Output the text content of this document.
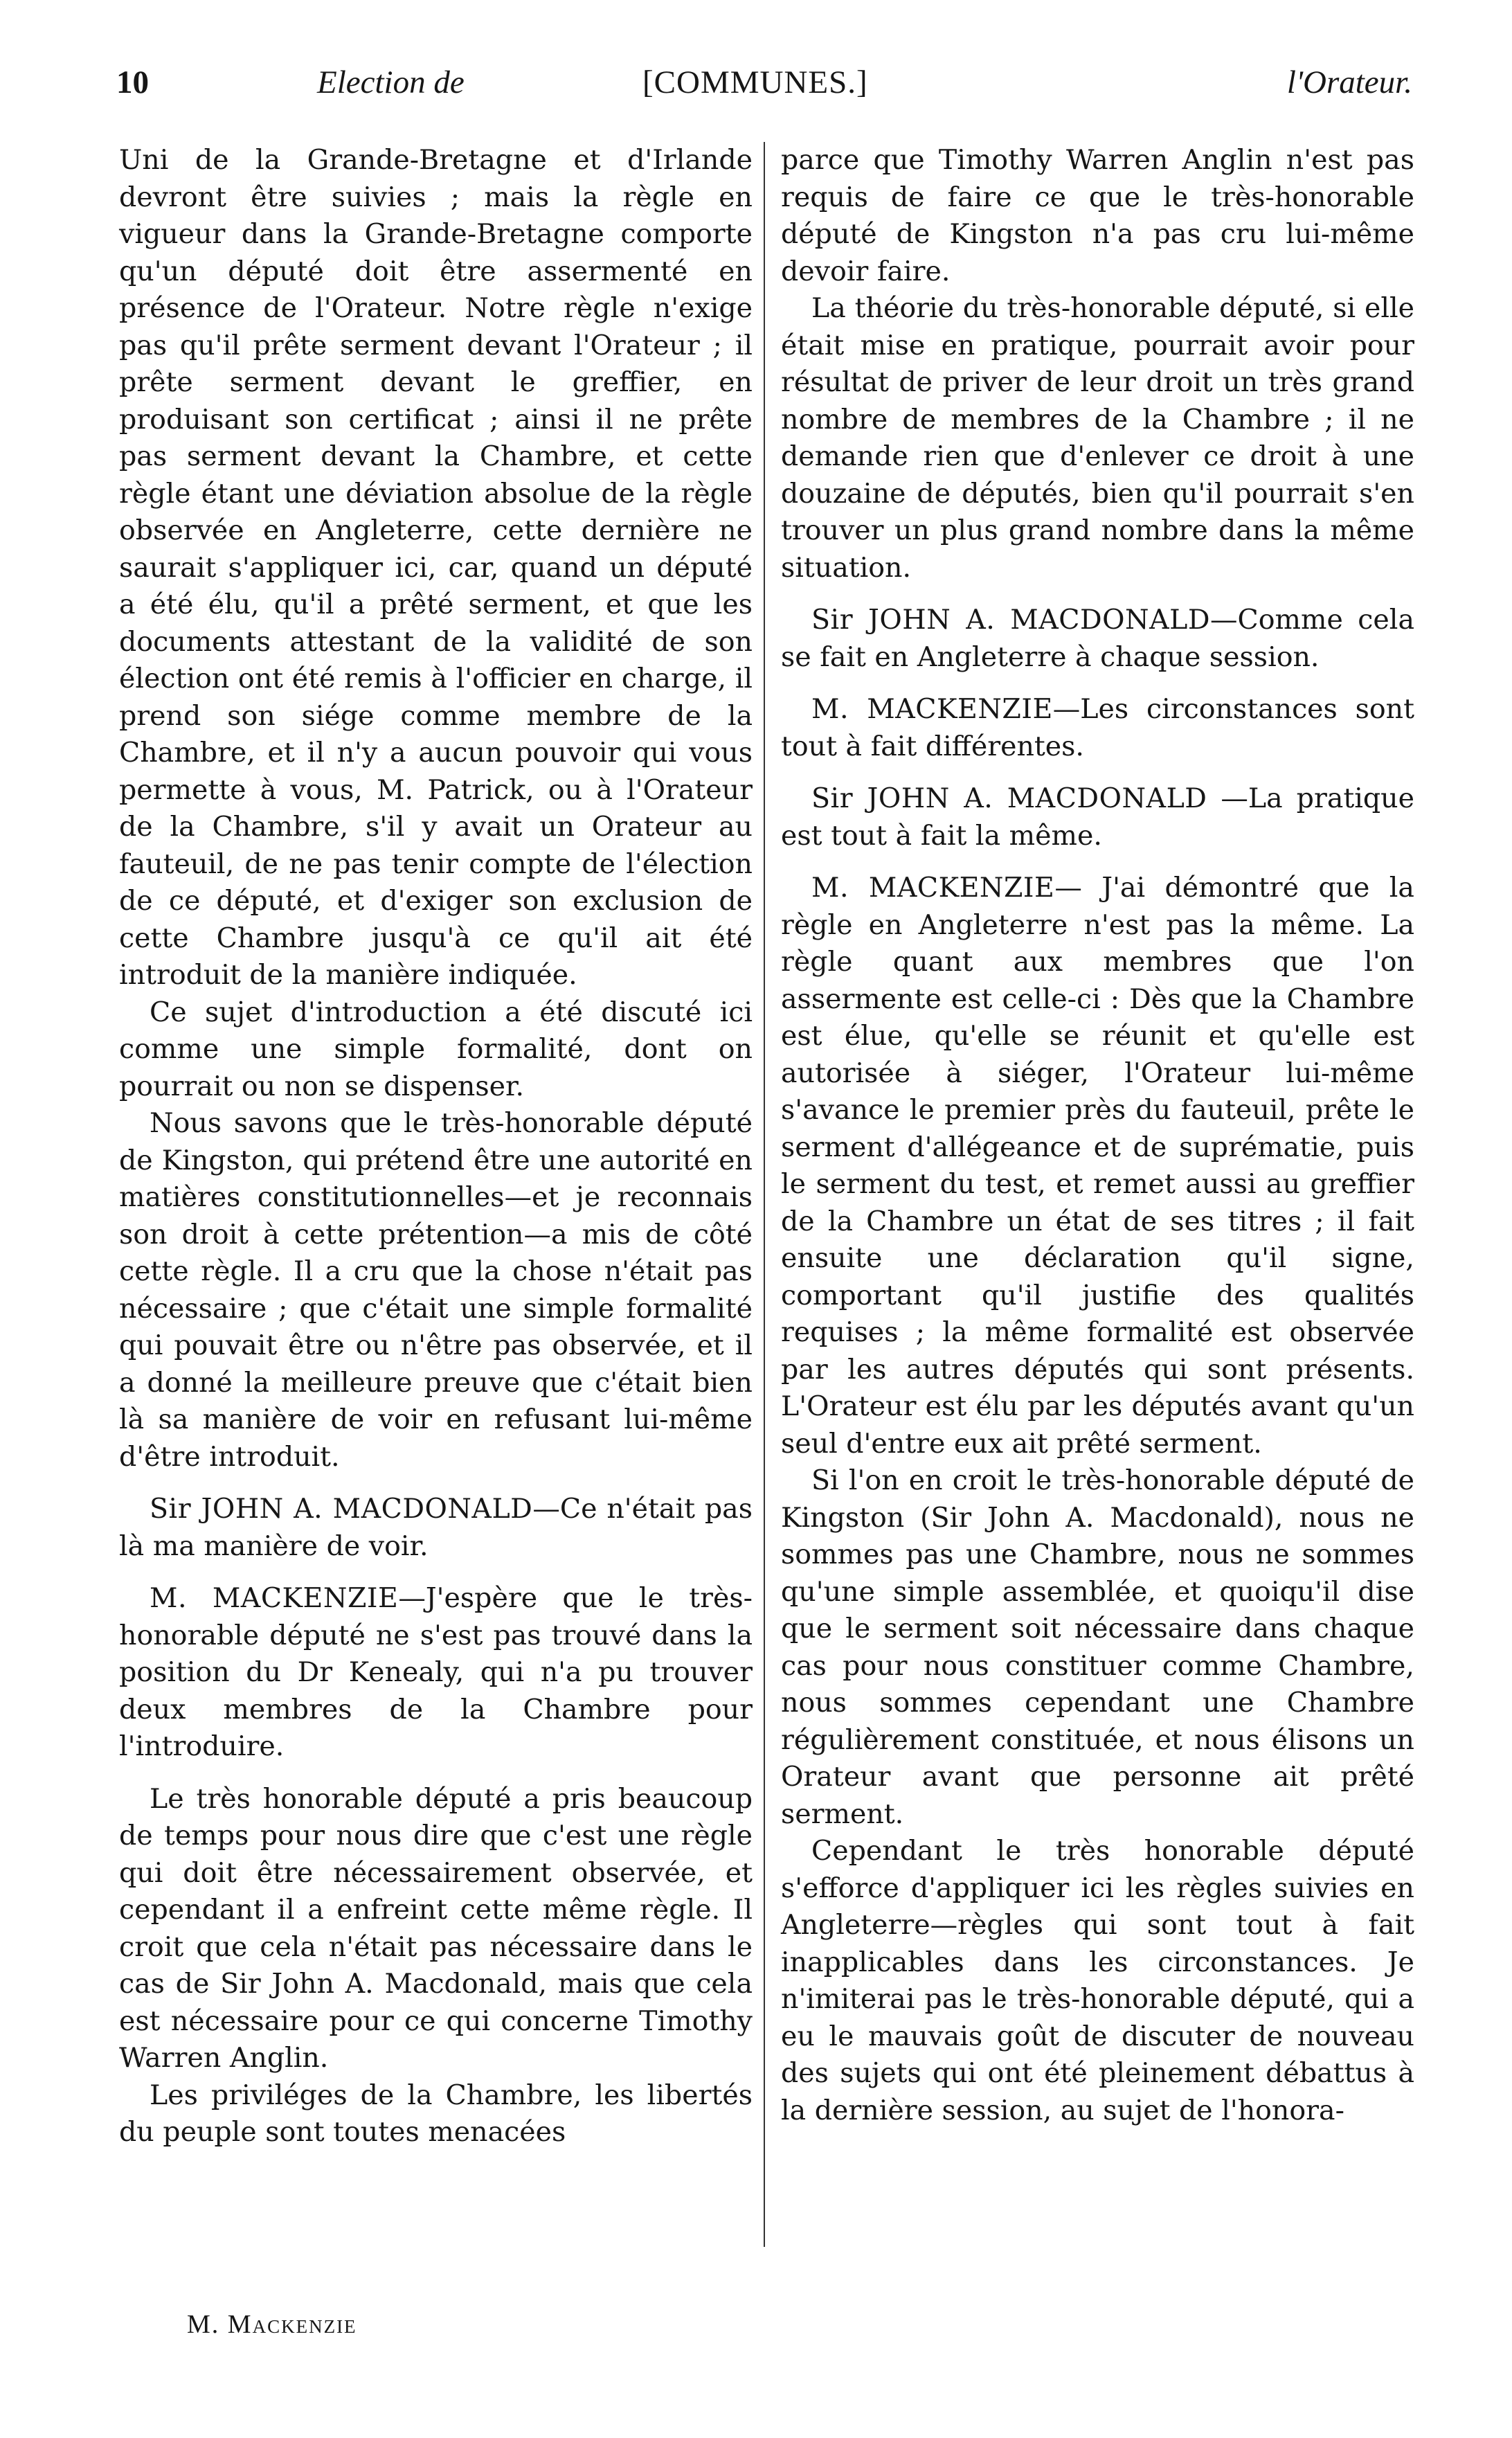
10	Election de	[COMMUNES.]	l'Orateur.

Uni de la Grande-Bretagne et d'Irlande devront être suivies ; mais la règle en vigueur dans la Grande-Bretagne comporte qu'un député doit être assermenté en présence de l'Orateur. Notre règle n'exige pas qu'il prête serment devant l'Orateur ; il prête serment devant le greffier, en produisant son certificat ; ainsi il ne prête pas serment devant la Chambre, et cette règle étant une déviation absolue de la règle observée en Angleterre, cette dernière ne saurait s'appliquer ici, car, quand un député a été élu, qu'il a prêté serment, et que les documents attestant de la validité de son élection ont été remis à l'officier en charge, il prend son siége comme membre de la Chambre, et il n'y a aucun pouvoir qui vous permette à vous, M. Patrick, ou à l'Orateur de la Chambre, s'il y avait un Orateur au fauteuil, de ne pas tenir compte de l'élection de ce député, et d'exiger son exclusion de cette Chambre jusqu'à ce qu'il ait été introduit de la manière indiquée.

Ce sujet d'introduction a été discuté ici comme une simple formalité, dont on pourrait ou non se dispenser.

Nous savons que le très-honorable député de Kingston, qui prétend être une autorité en matières constitutionnelles—et je reconnais son droit à cette prétention—a mis de côté cette règle. Il a cru que la chose n'était pas nécessaire ; que c'était une simple formalité qui pouvait être ou n'être pas observée, et il a donné la meilleure preuve que c'était bien là sa manière de voir en refusant lui-même d'être introduit.

Sir JOHN A. MACDONALD—Ce n'était pas là ma manière de voir.

M. MACKENZIE—J'espère que le très-honorable député ne s'est pas trouvé dans la position du Dr Kenealy, qui n'a pu trouver deux membres de la Chambre pour l'introduire.

Le très honorable député a pris beaucoup de temps pour nous dire que c'est une règle qui doit être nécessairement observée, et cependant il a enfreint cette même règle. Il croit que cela n'était pas nécessaire dans le cas de Sir John A. Macdonald, mais que cela est nécessaire pour ce qui concerne Timothy Warren Anglin.

Les priviléges de la Chambre, les libertés du peuple sont toutes menacées

parce que Timothy Warren Anglin n'est pas requis de faire ce que le très-honorable député de Kingston n'a pas cru lui-même devoir faire.

La théorie du très-honorable député, si elle était mise en pratique, pourrait avoir pour résultat de priver de leur droit un très grand nombre de membres de la Chambre ; il ne demande rien que d'enlever ce droit à une douzaine de députés, bien qu'il pourrait s'en trouver un plus grand nombre dans la même situation.

Sir JOHN A. MACDONALD—Comme cela se fait en Angleterre à chaque session.

M. MACKENZIE—Les circonstances sont tout à fait différentes.

Sir JOHN A. MACDONALD —La pratique est tout à fait la même.

M. MACKENZIE— J'ai démontré que la règle en Angleterre n'est pas la même. La règle quant aux membres que l'on assermente est celle-ci : Dès que la Chambre est élue, qu'elle se réunit et qu'elle est autorisée à siéger, l'Orateur lui-même s'avance le premier près du fauteuil, prête le serment d'allégeance et de suprématie, puis le serment du test, et remet aussi au greffier de la Chambre un état de ses titres ; il fait ensuite une déclaration qu'il signe, comportant qu'il justifie des qualités requises ; la même formalité est observée par les autres députés qui sont présents. L'Orateur est élu par les députés avant qu'un seul d'entre eux ait prêté serment.

Si l'on en croit le très-honorable député de Kingston (Sir John A. Macdonald), nous ne sommes pas une Chambre, nous ne sommes qu'une simple assemblée, et quoiqu'il dise que le serment soit nécessaire dans chaque cas pour nous constituer comme Chambre, nous sommes cependant une Chambre régulièrement constituée, et nous élisons un Orateur avant que personne ait prêté serment.

Cependant le très honorable député s'efforce d'appliquer ici les règles suivies en Angleterre—règles qui sont tout à fait inapplicables dans les circonstances. Je n'imiterai pas le très-honorable député, qui a eu le mauvais goût de discuter de nouveau des sujets qui ont été pleinement débattus à la dernière session, au sujet de l'honora-

M. Mackenzie
